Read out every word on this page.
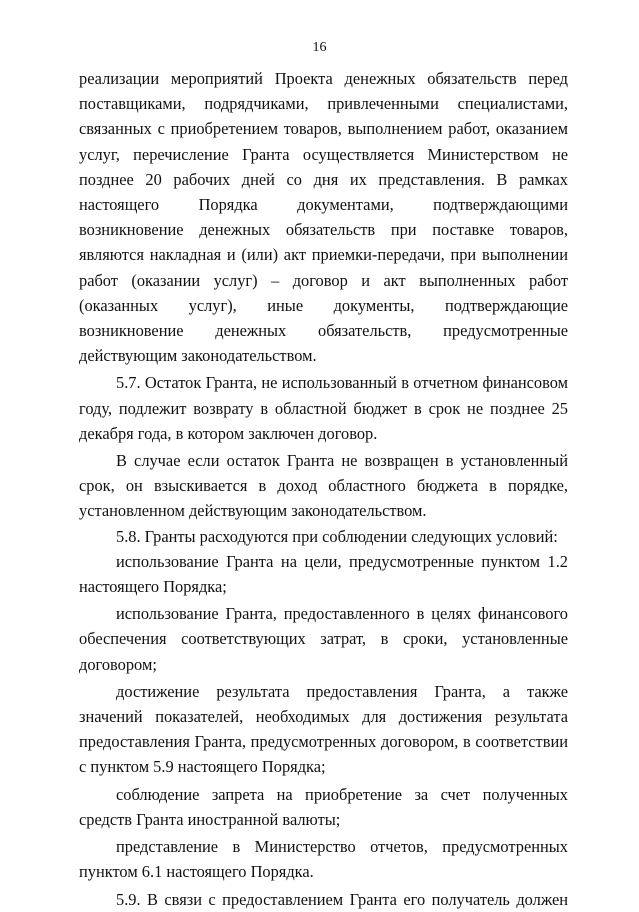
16

реализации мероприятий Проекта денежных обязательств перед поставщиками, подрядчиками, привлеченными специалистами, связанных с приобретением товаров, выполнением работ, оказанием услуг, перечисление Гранта осуществляется Министерством не позднее 20 рабочих дней со дня их представления. В рамках настоящего Порядка документами, подтверждающими возникновение денежных обязательств при поставке товаров, являются накладная и (или) акт приемки-передачи, при выполнении работ (оказании услуг) – договор и акт выполненных работ (оказанных услуг), иные документы, подтверждающие возникновение денежных обязательств, предусмотренные действующим законодательством.

5.7. Остаток Гранта, не использованный в отчетном финансовом году, подлежит возврату в областной бюджет в срок не позднее 25 декабря года, в котором заключен договор.

В случае если остаток Гранта не возвращен в установленный срок, он взыскивается в доход областного бюджета в порядке, установленном действующим законодательством.

5.8. Гранты расходуются при соблюдении следующих условий:

использование Гранта на цели, предусмотренные пунктом 1.2 настоящего Порядка;

использование Гранта, предоставленного в целях финансового обеспечения соответствующих затрат, в сроки, установленные договором;

достижение результата предоставления Гранта, а также значений показателей, необходимых для достижения результата предоставления Гранта, предусмотренных договором, в соответствии с пунктом 5.9 настоящего Порядка;

соблюдение запрета на приобретение за счет полученных средств Гранта иностранной валюты;

представление в Министерство отчетов, предусмотренных пунктом 6.1 настоящего Порядка.

5.9. В связи с предоставлением Гранта его получатель должен
